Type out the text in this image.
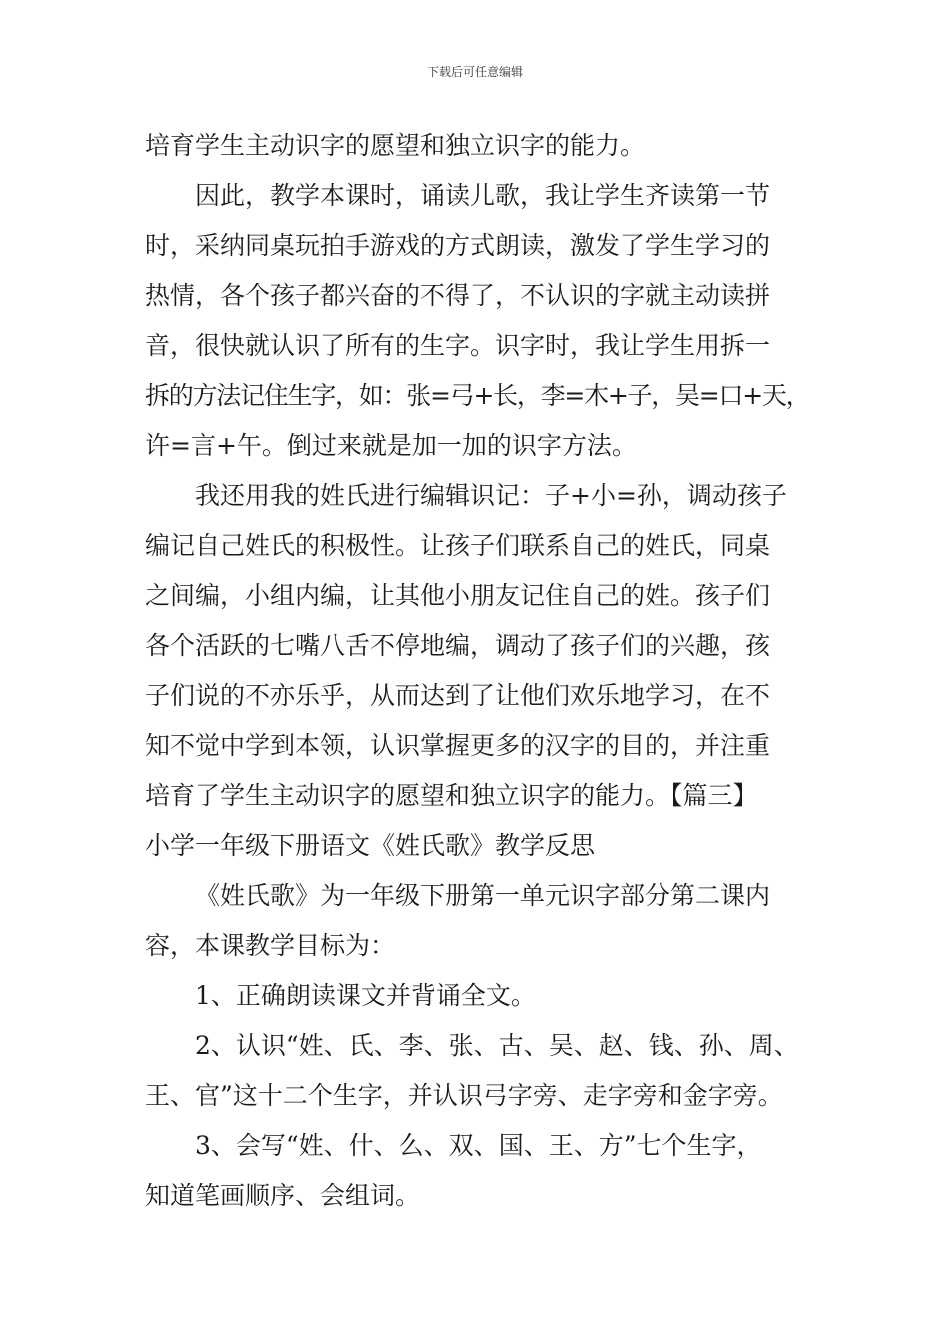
下载后可任意编辑
培育学生主动识字的愿望和独立识字的能力。
因此，教学本课时，诵读儿歌，我让学生齐读第一节
时，采纳同桌玩拍手游戏的方式朗读，激发了学生学习的
热情，各个孩子都兴奋的不得了，不认识的字就主动读拼
音，很快就认识了所有的生字。识字时，我让学生用拆一
拆的方法记住生字，如：张=弓+长，李=木+子，吴=口+天，
许=言+午。倒过来就是加一加的识字方法。
我还用我的姓氏进行编辑识记：子+小=孙，调动孩子
编记自己姓氏的积极性。让孩子们联系自己的姓氏，同桌
之间编，小组内编，让其他小朋友记住自己的姓。孩子们
各个活跃的七嘴八舌不停地编，调动了孩子们的兴趣，孩
子们说的不亦乐乎，从而达到了让他们欢乐地学习，在不
知不觉中学到本领，认识掌握更多的汉字的目的，并注重
培育了学生主动识字的愿望和独立识字的能力。【篇三】
小学一年级下册语文《姓氏歌》教学反思
《姓氏歌》为一年级下册第一单元识字部分第二课内
容，本课教学目标为：
1、正确朗读课文并背诵全文。
2、认识“姓、氏、李、张、古、吴、赵、钱、孙、周、
王、官”这十二个生字，并认识弓字旁、走字旁和金字旁。
3、会写“姓、什、么、双、国、王、方”七个生字，
知道笔画顺序、会组词。
